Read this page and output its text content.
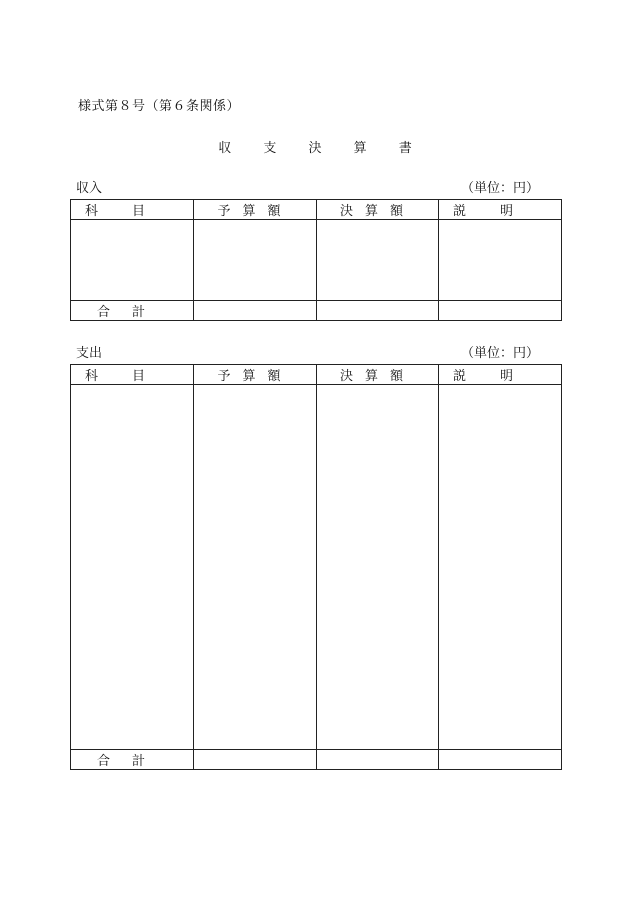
様式第８号（第６条関係）
収 支 決 算 書
収入	（単位：円）
科目	予算額	決算額	説明

合計			
支出	（単位：円）
科目	予算額	決算額	説明

合計			
